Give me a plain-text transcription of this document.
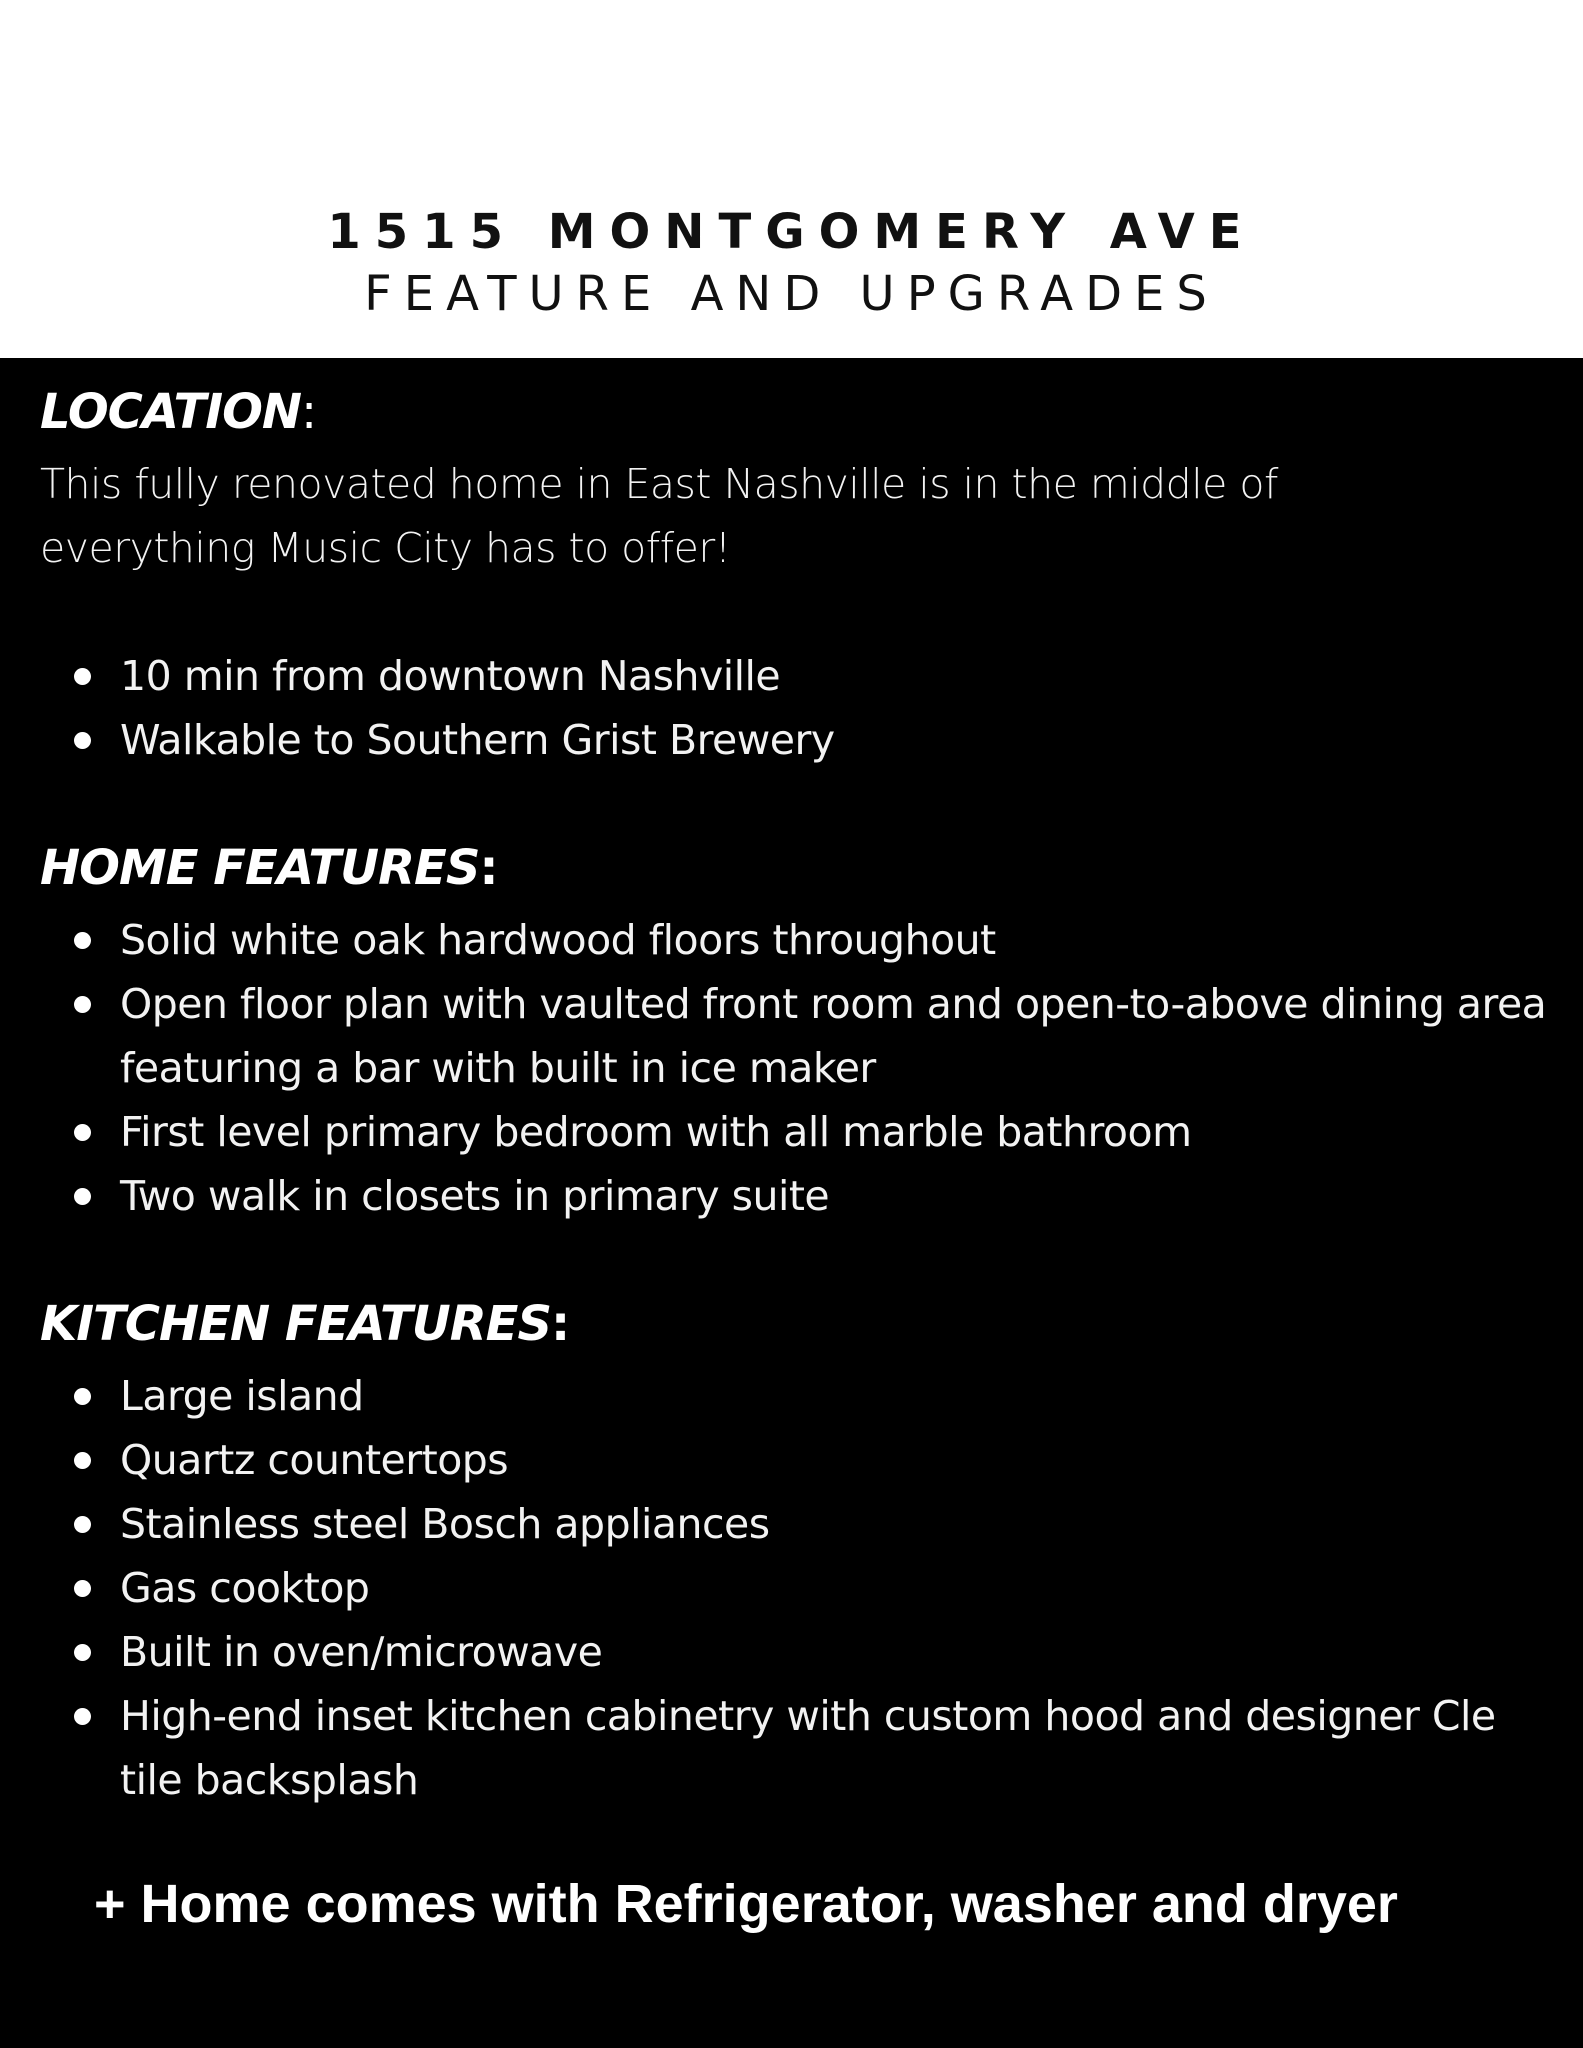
1515 MONTGOMERY AVE
FEATURE AND UPGRADES
LOCATION:

This fully renovated home in East Nashville is in the middle of

everything Music City has to offer!

10 min from downtown Nashville
Walkable to Southern Grist Brewery
HOME FEATURES:
Solid white oak hardwood floors throughout
Open floor plan with vaulted front room and open-to-above dining area featuring a bar with built in ice maker
First level primary bedroom with all marble bathroom
Two walk in closets in primary suite
KITCHEN FEATURES:
Large island
Quartz countertops
Stainless steel Bosch appliances
Gas cooktop
Built in oven/microwave
High-end inset kitchen cabinetry with custom hood and designer Cle tile backsplash
+ Home comes with Refrigerator, washer and dryer
